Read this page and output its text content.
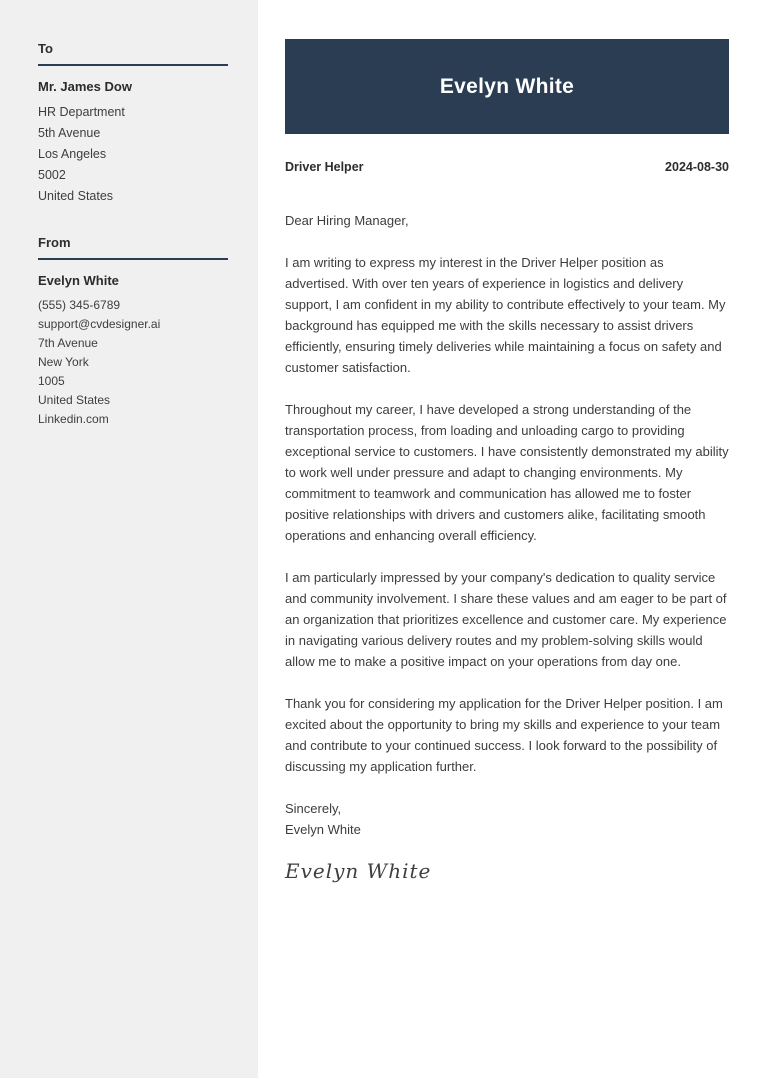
To
Mr. James Dow
HR Department
5th Avenue
Los Angeles
5002
United States
From
Evelyn White
(555) 345-6789
support@cvdesigner.ai
7th Avenue
New York
1005
United States
Linkedin.com
Evelyn White
Driver Helper	2024-08-30

Dear Hiring Manager,

I am writing to express my interest in the Driver Helper position as advertised. With over ten years of experience in logistics and delivery support, I am confident in my ability to contribute effectively to your team. My background has equipped me with the skills necessary to assist drivers efficiently, ensuring timely deliveries while maintaining a focus on safety and customer satisfaction.

Throughout my career, I have developed a strong understanding of the transportation process, from loading and unloading cargo to providing exceptional service to customers. I have consistently demonstrated my ability to work well under pressure and adapt to changing environments. My commitment to teamwork and communication has allowed me to foster positive relationships with drivers and customers alike, facilitating smooth operations and enhancing overall efficiency.

I am particularly impressed by your company's dedication to quality service and community involvement. I share these values and am eager to be part of an organization that prioritizes excellence and customer care. My experience in navigating various delivery routes and my problem-solving skills would allow me to make a positive impact on your operations from day one.

Thank you for considering my application for the Driver Helper position. I am excited about the opportunity to bring my skills and experience to your team and contribute to your continued success. I look forward to the possibility of discussing my application further.

Sincerely,
Evelyn White

Evelyn White
